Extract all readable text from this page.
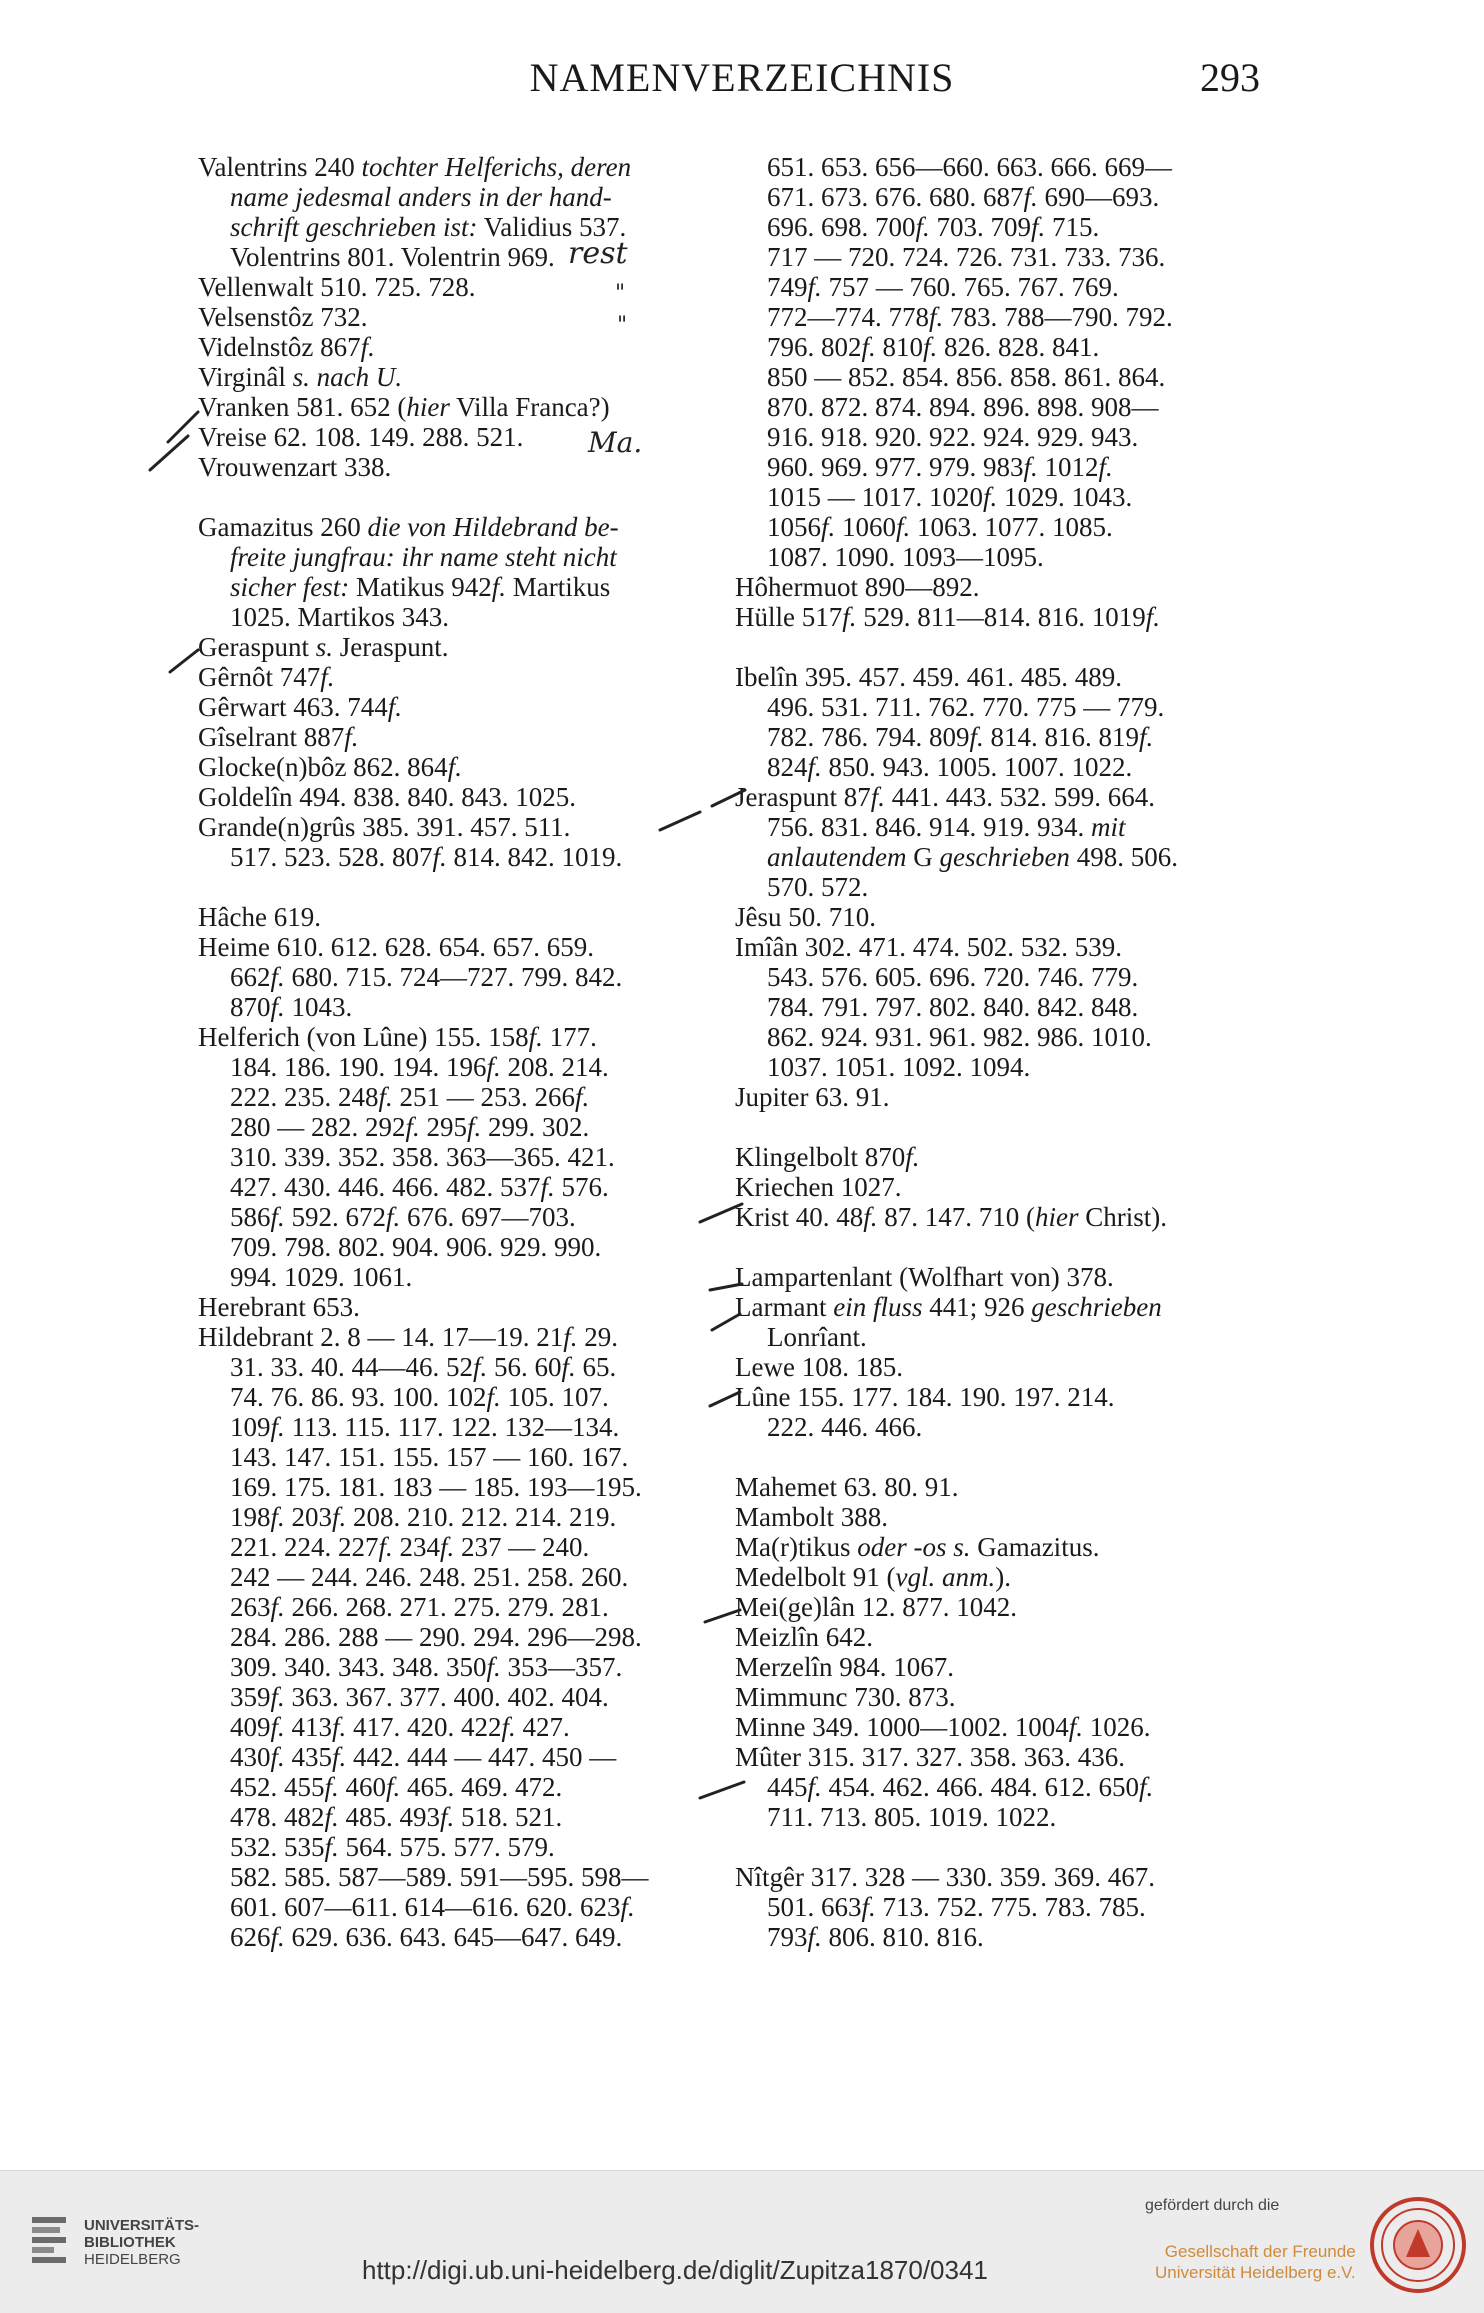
NAMENVERZEICHNIS	293

Valentrins 240 tochter Helferichs, deren

name jedesmal anders in der hand-

schrift geschrieben ist: Validius 537.

Volentrins 801. Volentrin 969.

Vellenwalt 510. 725. 728.

Velsenstôz 732.

Videlnstôz 867f.

Virginâl s. nach U.

Vranken 581. 652 (hier Villa Franca?)

Vreise 62. 108. 149. 288. 521.

Vrouwenzart 338.

Gamazitus 260 die von Hildebrand be-

freite jungfrau: ihr name steht nicht

sicher fest: Matikus 942f. Martikus

1025. Martikos 343.

Geraspunt s. Jeraspunt.

Gêrnôt 747f.

Gêrwart 463. 744f.

Gîselrant 887f.

Glocke(n)bôz 862. 864f.

Goldelîn 494. 838. 840. 843. 1025.

Grande(n)grûs 385. 391. 457. 511.

517. 523. 528. 807f. 814. 842. 1019.

Hâche 619.

Heime 610. 612. 628. 654. 657. 659.

662f. 680. 715. 724—727. 799. 842.

870f. 1043.

Helferich (von Lûne) 155. 158f. 177.

184. 186. 190. 194. 196f. 208. 214.

222. 235. 248f. 251 — 253. 266f.

280 — 282. 292f. 295f. 299. 302.

310. 339. 352. 358. 363—365. 421.

427. 430. 446. 466. 482. 537f. 576.

586f. 592. 672f. 676. 697—703.

709. 798. 802. 904. 906. 929. 990.

994. 1029. 1061.

Herebrant 653.

Hildebrant 2. 8 — 14. 17—19. 21f. 29.

31. 33. 40. 44—46. 52f. 56. 60f. 65.

74. 76. 86. 93. 100. 102f. 105. 107.

109f. 113. 115. 117. 122. 132—134.

143. 147. 151. 155. 157 — 160. 167.

169. 175. 181. 183 — 185. 193—195.

198f. 203f. 208. 210. 212. 214. 219.

221. 224. 227f. 234f. 237 — 240.

242 — 244. 246. 248. 251. 258. 260.

263f. 266. 268. 271. 275. 279. 281.

284. 286. 288 — 290. 294. 296—298.

309. 340. 343. 348. 350f. 353—357.

359f. 363. 367. 377. 400. 402. 404.

409f. 413f. 417. 420. 422f. 427.

430f. 435f. 442. 444 — 447. 450 —

452. 455f. 460f. 465. 469. 472.

478. 482f. 485. 493f. 518. 521.

532. 535f. 564. 575. 577. 579.

582. 585. 587—589. 591—595. 598—

601. 607—611. 614—616. 620. 623f.

626f. 629. 636. 643. 645—647. 649.

651. 653. 656—660. 663. 666. 669—

671. 673. 676. 680. 687f. 690—693.

696. 698. 700f. 703. 709f. 715.

717 — 720. 724. 726. 731. 733. 736.

749f. 757 — 760. 765. 767. 769.

772—774. 778f. 783. 788—790. 792.

796. 802f. 810f. 826. 828. 841.

850 — 852. 854. 856. 858. 861. 864.

870. 872. 874. 894. 896. 898. 908—

916. 918. 920. 922. 924. 929. 943.

960. 969. 977. 979. 983f. 1012f.

1015 — 1017. 1020f. 1029. 1043.

1056f. 1060f. 1063. 1077. 1085.

1087. 1090. 1093—1095.

Hôhermuot 890—892.

Hülle 517f. 529. 811—814. 816. 1019f.

Ibelîn 395. 457. 459. 461. 485. 489.

496. 531. 711. 762. 770. 775 — 779.

782. 786. 794. 809f. 814. 816. 819f.

824f. 850. 943. 1005. 1007. 1022.

Jeraspunt 87f. 441. 443. 532. 599. 664.

756. 831. 846. 914. 919. 934. mit

anlautendem G geschrieben 498. 506.

570. 572.

Jêsu 50. 710.

Imîân 302. 471. 474. 502. 532. 539.

543. 576. 605. 696. 720. 746. 779.

784. 791. 797. 802. 840. 842. 848.

862. 924. 931. 961. 982. 986. 1010.

1037. 1051. 1092. 1094.

Jupiter 63. 91.

Klingelbolt 870f.

Kriechen 1027.

Krist 40. 48f. 87. 147. 710 (hier Christ).

Lampartenlant (Wolfhart von) 378.

Larmant ein fluss 441; 926 geschrieben

Lonrîant.

Lewe 108. 185.

Lûne 155. 177. 184. 190. 197. 214.

222. 446. 466.

Mahemet 63. 80. 91.

Mambolt 388.

Ma(r)tikus oder -os s. Gamazitus.

Medelbolt 91 (vgl. anm.).

Mei(ge)lân 12. 877. 1042.

Meizlîn 642.

Merzelîn 984. 1067.

Mimmunc 730. 873.

Minne 349. 1000—1002. 1004f. 1026.

Mûter 315. 317. 327. 358. 363. 436.

445f. 454. 462. 466. 484. 612. 650f.

711. 713. 805. 1019. 1022.

Nîtgêr 317. 328 — 330. 359. 369. 467.

501. 663f. 713. 752. 775. 783. 785.

793f. 806. 810. 816.

rest
Ma.
"
"
UNIVERSITÄTS-
BIBLIOTHEK
HEIDELBERG	http://digi.ub.uni-heidelberg.de/diglit/Zupitza1870/0341
gefördert durch die
Gesellschaft der Freunde
Universität Heidelberg e.V.
